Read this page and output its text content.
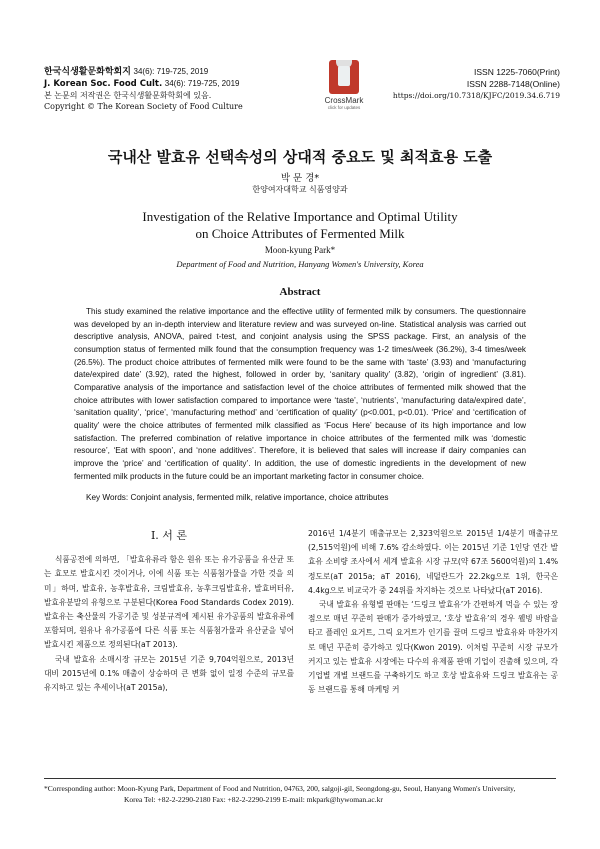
한국식생활문화학회지 34(6): 719-725, 2019
J. Korean Soc. Food Cult. 34(6): 719-725, 2019
본 논문의 저작권은 한국식생활문화학회에 있음.
Copyright © The Korean Society of Food Culture
CrossMark
click for updates
ISSN 1225-7060(Print)
ISSN 2288-7148(Online)
https://doi.org/10.7318/KJFC/2019.34.6.719
국내산 발효유 선택속성의 상대적 중요도 및 최적효용 도출
박 문 경*
한양여자대학교 식품영양과
Investigation of the Relative Importance and Optimal Utility
on Choice Attributes of Fermented Milk
Moon-kyung Park*
Department of Food and Nutrition, Hanyang Women's University, Korea
Abstract

This study examined the relative importance and the effective utility of fermented milk by consumers. The questionnaire was developed by an in-depth interview and literature review and was surveyed on-line. Statistical analysis was carried out descriptive analysis, ANOVA, paired t-test, and conjoint analysis using the SPSS package. First, an analysis of the consumption status of fermented milk found that the consumption frequency was 1-2 times/week (36.2%), 3-4 times/week (26.5%). The product choice attributes of fermented milk were found to be the same with ‘taste’ (3.93) and ‘manufacturing date/expired date’ (3.92), rated the highest, followed in order by, ‘sanitary quality’ (3.82), ‘origin of ingredient’ (3.81). Comparative analysis of the importance and satisfaction level of the choice attributes of fermented milk showed that the choice attributes with lower satisfaction compared to importance were ‘taste’, ‘nutrients’, ‘manufacturing data/expired date’, ‘sanitation quality’, ‘price’, ‘manufacturing method’ and ‘certification of quality’ (p<0.001, p<0.01). ‘Price’ and ‘certification of quality’ were the choice attributes of fermented milk classified as ‘Focus Here’ because of its high importance and low satisfaction. The preferred combination of relative importance in choice attributes of the fermented milk was ‘domestic resource’, ‘Eat with spoon’, and ‘none additives’. Therefore, it is believed that sales will increase if dairy companies can improve the ‘price’ and ‘certification of quality’. In addition, the use of domestic ingredients in the development of new fermented milk products in the future could be an important marketing factor in consumer choice.

Key Words: Conjoint analysis, fermented milk, relative importance, choice attributes
Ⅰ. 서 론

식품공전에 의하면, 「발효유류라 함은 원유 또는 유가공품을 유산균 또는 효모로 발효시킨 것이거나, 이에 식품 또는 식품첨가물을 가한 것을 의미」하며, 발효유, 농후발효유, 크림발효유, 농후크림발효유, 발효버터유, 발효유분말의 유형으로 구분된다(Korea Food Standards Codex 2019). 발효유는 축산물의 가공기준 및 성분규격에 제시된 유가공품의 발효유류에 포함되며, 원유나 유가공품에 다른 식품 또는 식품첨가물과 유산균을 넣어 발효시킨 제품으로 정의된다(aT 2013).

국내 발효유 소매시장 규모는 2015년 기준 9,704억원으로, 2013년 대비 2015년에 0.1% 매출이 상승하며 큰 변화 없이 일정 수준의 규모를 유지하고 있는 추세이나(aT 2015a),

2016년 1/4분기 매출규모는 2,323억원으로 2015년 1/4분기 매출규모(2,515억원)에 비해 7.6% 감소하였다. 이는 2015년 기준 1인당 연간 발효유 소비량 조사에서 세계 발효유 시장 규모(약 67조 5600억원)의 1.4% 정도로(aT 2015a; aT 2016), 네덜란드가 22.2kg으로 1위, 한국은 4.4kg으로 비교국가 중 24위를 차지하는 것으로 나타났다(aT 2016).

국내 발효유 유형별 판매는 ‘드링크 발효유’가 간편하게 먹을 수 있는 장점으로 매년 꾸준히 판매가 증가하였고, ‘호상 발효유’의 경우 웰빙 바람을 타고 플레인 요거트, 그릭 요거트가 인기를 끌며 드링크 발효유와 마찬가지로 매년 꾸준히 증가하고 있다(Kwon 2019). 이처럼 꾸준히 시장 규모가 커지고 있는 발효유 시장에는 다수의 유제품 판매 기업이 진출해 있으며, 각 기업별 개별 브랜드를 구축하기도 하고 호상 발효유와 드링크 발효유는 공동 브랜드를 통해 마케팅 커

*Corresponding author: Moon-Kyung Park, Department of Food and Nutrition, 04763, 200, salgoji-gil, Seongdong-gu, Seoul, Hanyang Women's University,
Korea Tel: +82-2-2290-2180 Fax: +82-2-2290-2199 E-mail: mkpark@hywoman.ac.kr
